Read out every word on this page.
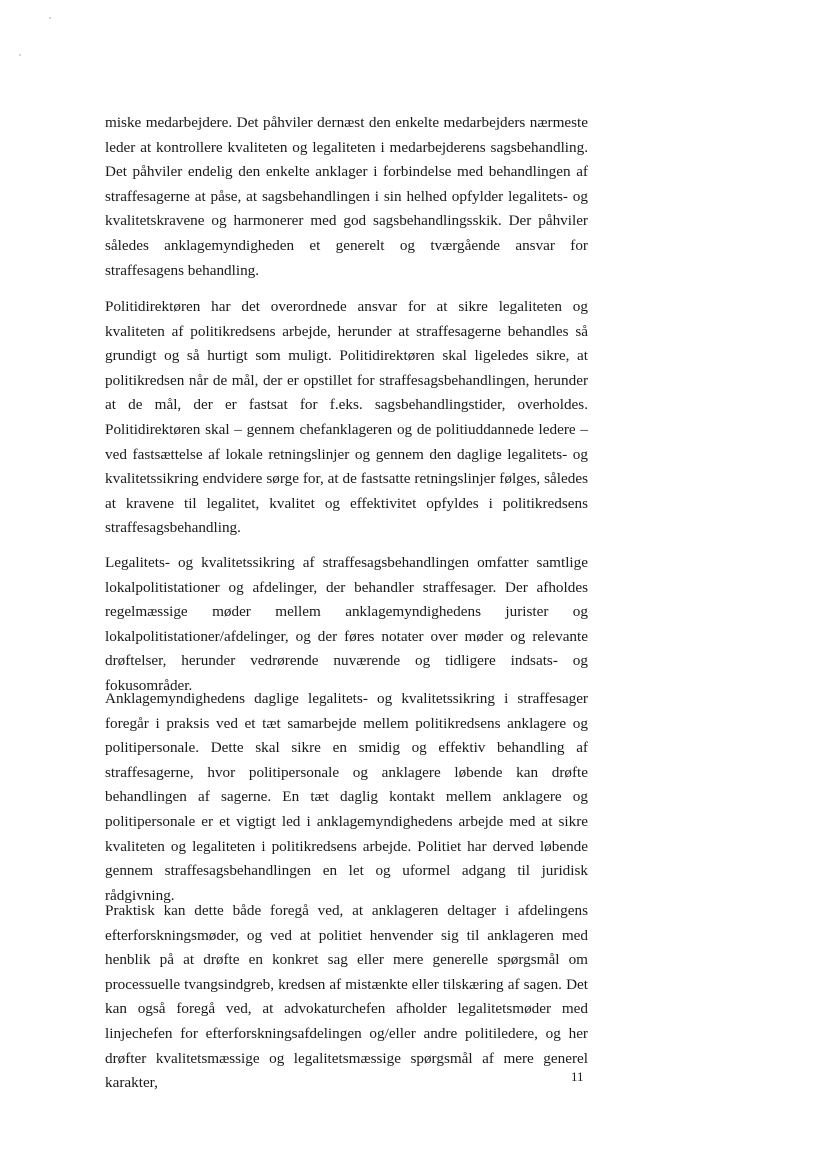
miske medarbejdere. Det påhviler dernæst den enkelte medarbejders nærmeste leder at kontrollere kvaliteten og legaliteten i medarbejderens sagsbehandling. Det påhviler endelig den enkelte anklager i forbindelse med behandlingen af straffesagerne at påse, at sagsbehandlingen i sin helhed opfylder legalitets- og kvalitetskravene og harmonerer med god sagsbehandlingsskik. Der påhviler således anklagemyndigheden et generelt og tværgående ansvar for straffesagens behandling.

Politidirektøren har det overordnede ansvar for at sikre legaliteten og kvaliteten af politikredsens arbejde, herunder at straffesagerne behandles så grundigt og så hurtigt som muligt. Politidirektøren skal ligeledes sikre, at politikredsen når de mål, der er opstillet for straffesagsbehandlingen, herunder at de mål, der er fastsat for f.eks. sagsbehandlingstider, overholdes. Politidirektøren skal – gennem chefanklageren og de politiuddannede ledere – ved fastsættelse af lokale retningslinjer og gennem den daglige legalitets- og kvalitetssikring endvidere sørge for, at de fastsatte retningslinjer følges, således at kravene til legalitet, kvalitet og effektivitet opfyldes i politikredsens straffesagsbehandling.

Legalitets- og kvalitetssikring af straffesagsbehandlingen omfatter samtlige lokalpolitistationer og afdelinger, der behandler straffesager. Der afholdes regelmæssige møder mellem anklagemyndighedens jurister og lokalpolitistationer/afdelinger, og der føres notater over møder og relevante drøftelser, herunder vedrørende nuværende og tidligere indsats- og fokusområder.

Anklagemyndighedens daglige legalitets- og kvalitetssikring i straffesager foregår i praksis ved et tæt samarbejde mellem politikredsens anklagere og politipersonale. Dette skal sikre en smidig og effektiv behandling af straffesagerne, hvor politipersonale og anklagere løbende kan drøfte behandlingen af sagerne. En tæt daglig kontakt mellem anklagere og politipersonale er et vigtigt led i anklagemyndighedens arbejde med at sikre kvaliteten og legaliteten i politikredsens arbejde. Politiet har derved løbende gennem straffesagsbehandlingen en let og uformel adgang til juridisk rådgivning.

Praktisk kan dette både foregå ved, at anklageren deltager i afdelingens efterforskningsmøder, og ved at politiet henvender sig til anklageren med henblik på at drøfte en konkret sag eller mere generelle spørgsmål om processuelle tvangsindgreb, kredsen af mistænkte eller tilskæring af sagen. Det kan også foregå ved, at advokaturchefen afholder legalitetsmøder med linjechefen for efterforskningsafdelingen og/eller andre politiledere, og her drøfter kvalitetsmæssige og legalitetsmæssige spørgsmål af mere generel karakter,	11
